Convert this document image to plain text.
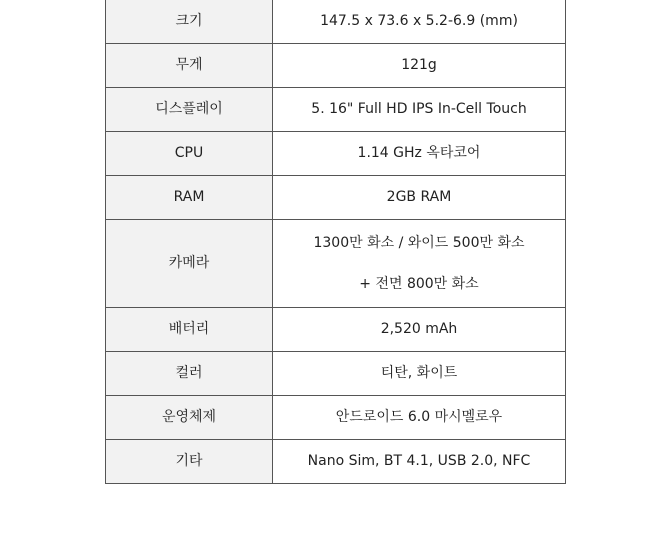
크기	147.5 x 73.6 x 5.2-6.9 (mm)
무게	121g
디스플레이	5. 16" Full HD IPS In-Cell Touch
CPU	1.14 GHz 옥타코어
RAM	2GB RAM
카메라	1300만 화소 / 와이드 500만 화소
+ 전면 800만 화소

배터리	2,520 mAh
컬러	티탄, 화이트
운영체제	안드로이드 6.0 마시멜로우
기타	Nano Sim, BT 4.1, USB 2.0, NFC
